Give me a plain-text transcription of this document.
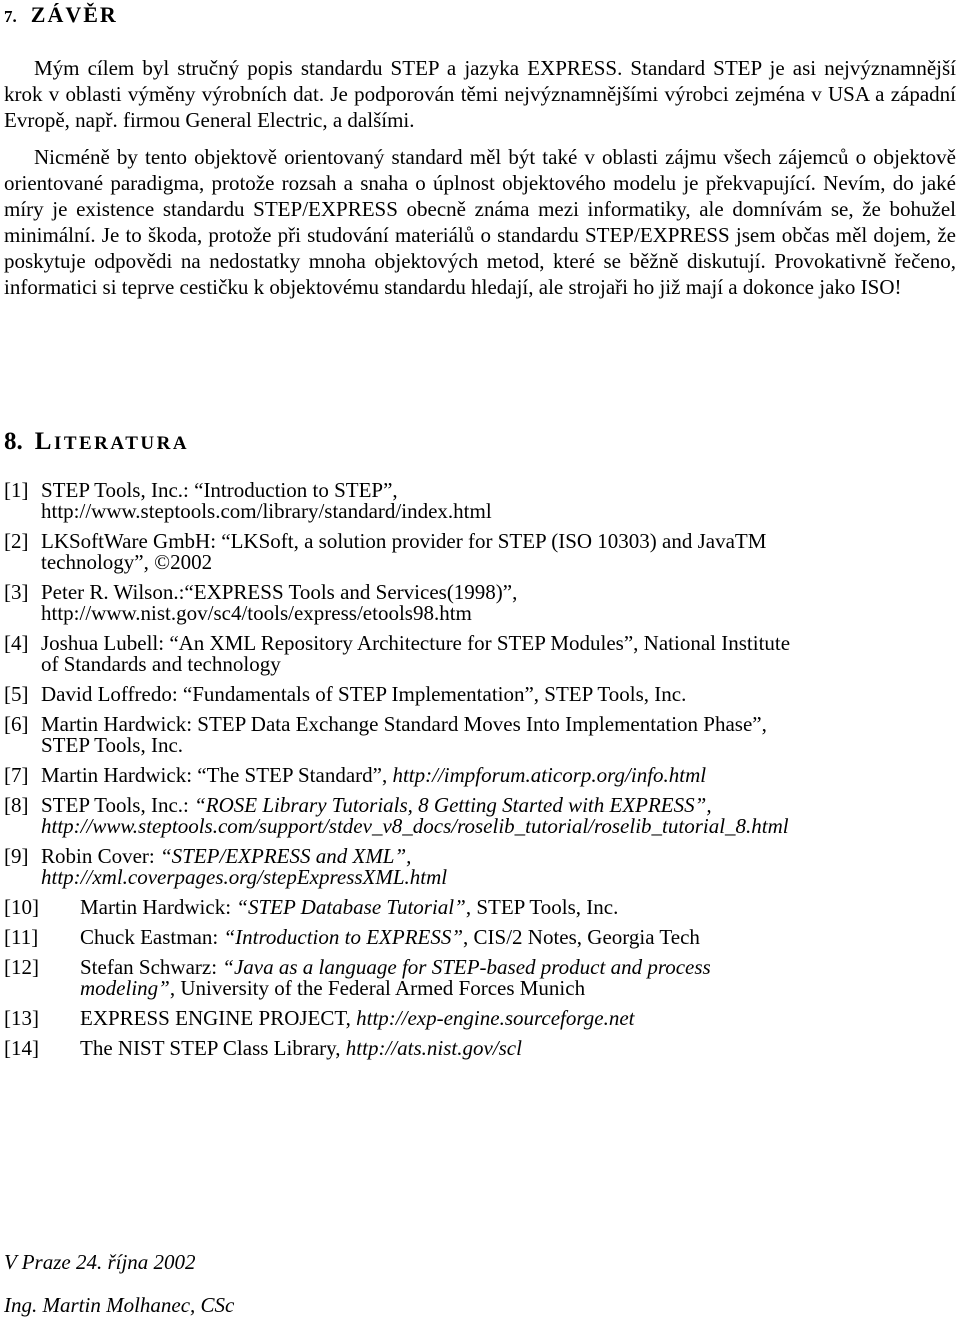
7. ZÁVĚR

Mým cílem byl stručný popis standardu STEP a jazyka EXPRESS. Standard STEP je asi nejvýznamnější krok v oblasti výměny výrobních dat. Je podporován těmi nejvýznamnějšími výrobci zejména v USA a západní Evropě, např. firmou General Electric, a dalšími.

Nicméně by tento objektově orientovaný standard měl být také v oblasti zájmu všech zájemců o objektově orientované paradigma, protože rozsah a snaha o úplnost objektového modelu je překvapující. Nevím, do jaké míry je existence standardu STEP/EXPRESS obecně známa mezi informatiky, ale domnívám se, že bohužel minimální. Je to škoda, protože při studování materiálů o standardu STEP/EXPRESS jsem občas měl dojem, že poskytuje odpovědi na nedostatky mnoha objektových metod, které se běžně diskutují. Provokativně řečeno, informatici si teprve cestičku k objektovému standardu hledají, ale strojaři ho již mají a dokonce jako ISO!

8. LITERATURA
[1] STEP Tools, Inc.: “Introduction to STEP”,
http://www.steptools.com/library/standard/index.html
[2] LKSoftWare GmbH: “LKSoft, a solution provider for STEP (ISO 10303) and JavaTM
technology”, ©2002
[3] Peter R. Wilson.:“EXPRESS Tools and Services(1998)”,
http://www.nist.gov/sc4/tools/express/etools98.htm
[4] Joshua Lubell: “An XML Repository Architecture for STEP Modules”, National Institute
of Standards and technology
[5] David Loffredo: “Fundamentals of STEP Implementation”, STEP Tools, Inc.
[6] Martin Hardwick: STEP Data Exchange Standard Moves Into Implementation Phase”,
STEP Tools, Inc.
[7] Martin Hardwick: “The STEP Standard”, http://impforum.aticorp.org/info.html
[8] STEP Tools, Inc.: “ROSE Library Tutorials, 8 Getting Started with EXPRESS”,
http://www.steptools.com/support/stdev_v8_docs/roselib_tutorial/roselib_tutorial_8.html
[9] Robin Cover: “STEP/EXPRESS and XML”,
http://xml.coverpages.org/stepExpressXML.html
[10] Martin Hardwick: “STEP Database Tutorial”, STEP Tools, Inc.
[11] Chuck Eastman: “Introduction to EXPRESS”, CIS/2 Notes, Georgia Tech
[12] Stefan Schwarz: “Java as a language for STEP-based product and process
modeling”, University of the Federal Armed Forces Munich
[13] EXPRESS ENGINE PROJECT, http://exp-engine.sourceforge.net
[14] The NIST STEP Class Library, http://ats.nist.gov/scl

V Praze 24. října 2002

Ing. Martin Molhanec, CSc
